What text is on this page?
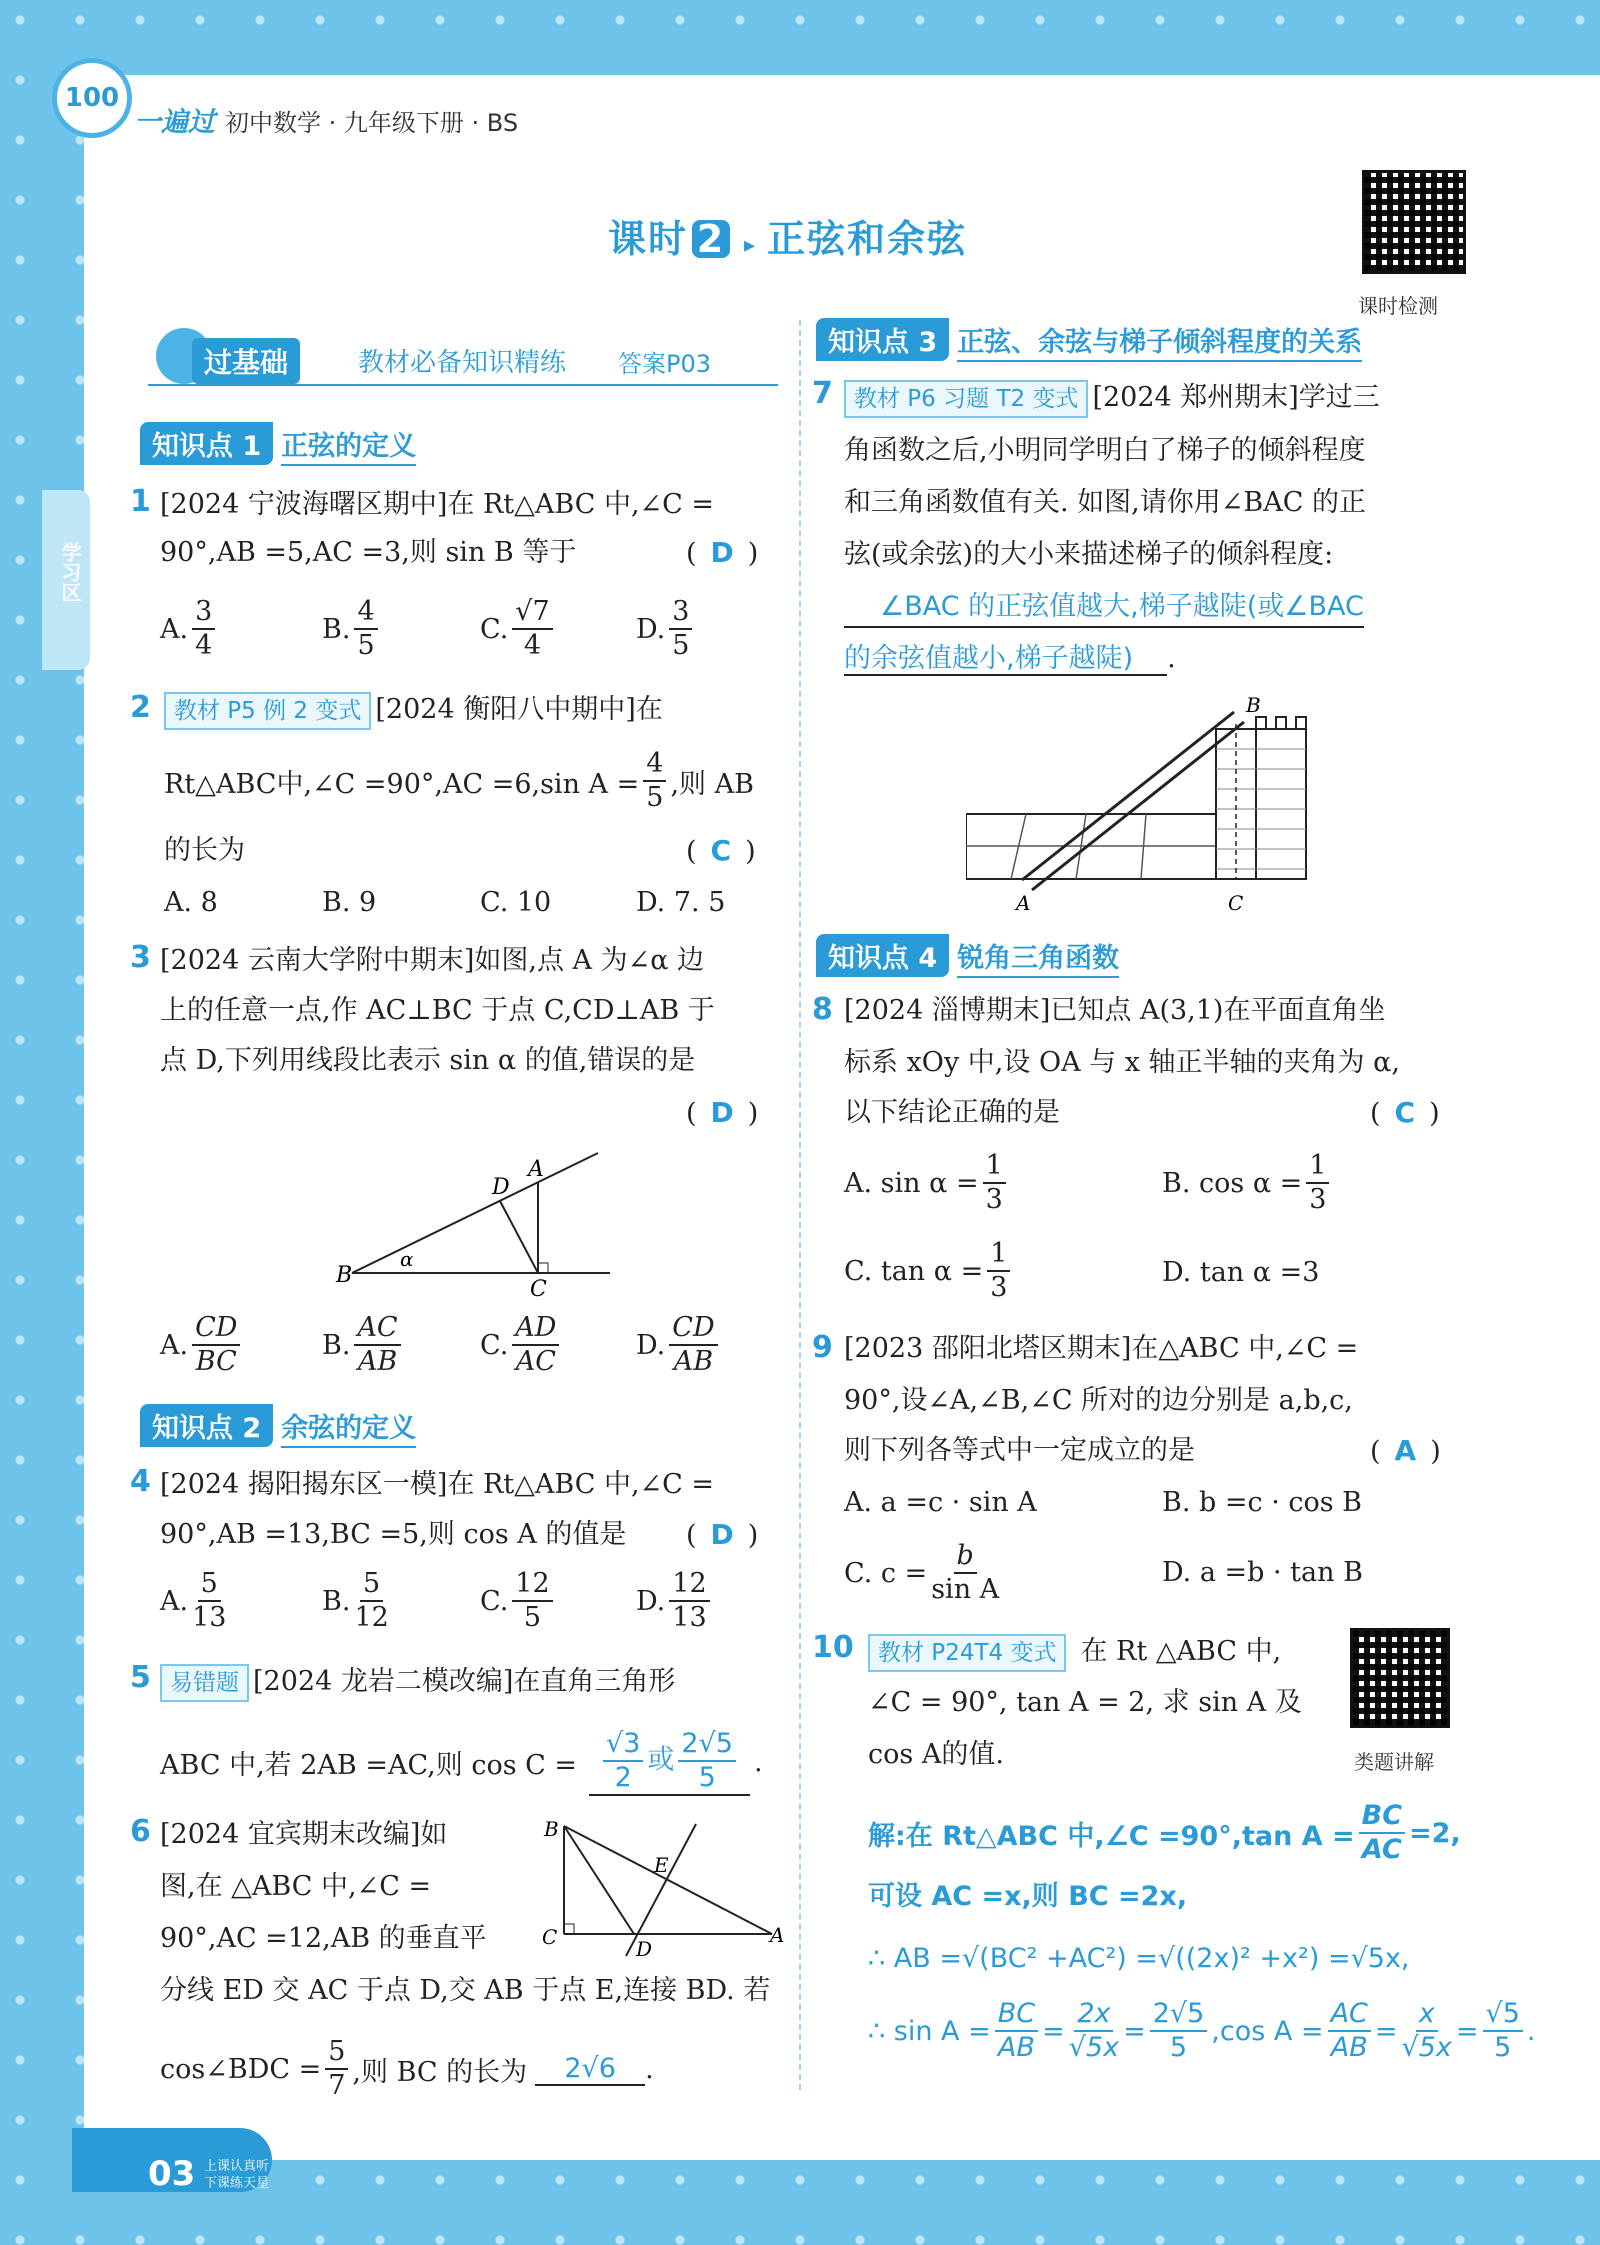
100
一遍过 初中数学 · 九年级下册 · BS
课时 2 ▸ 正弦和余弦
课时检测
学习区
过基础	教材必备知识精练 答案P03
知识点 1 正弦的定义
1 [2024 宁波海曙区期中]在 Rt△ABC 中,∠C =
90°,AB =5,AC =3,则 sin B 等于	( D )
A. $\frac{3}{4}$	B. $\frac{4}{5}$	C. $\frac{√7}{4}$	D. $\frac{3}{5}$
2	教材 P5 例 2 变式 [2024 衡阳八中期中]在
Rt△ABC中,∠C =90°,AC =6,sin $A = \frac{4}{5}$ ,则 AB
的长为	( C )
A. 8	B. 9	C. 10	D. 7. 5
3 [2024 云南大学附中期末]如图,点 A 为∠α 边
上的任意一点,作 AC⊥BC 于点 C,CD⊥AB 于
点 D,下列用线段比表示 sin α 的值,错误的是
( D )
B
C
A
D
α
A. $\frac{CD}{BC}$	B. $\frac{AC}{AB}$	C. $\frac{AD}{AC}$	D. $\frac{CD}{AB}$
知识点 2 余弦的定义
4 [2024 揭阳揭东区一模]在 Rt△ABC 中,∠C =
90°,AB =13,BC =5,则 cos A 的值是 ( D )
A. $\frac{5}{13}$	B. $\frac{5}{12}$	C. $\frac{12}{5}$	D. $\frac{12}{13}$
5 易错题 [2024 龙岩二模改编]在直角三角形
ABC 中,若 2AB =AC,则 $\cos C = \frac{√3}{2}$ 或 $\frac{2√5}{5}$ .
6 [2024 宜宾期末改编]如
图,在 △ABC 中,∠C =
90°,AC =12,AB 的垂直平
分线 ED 交 AC 于点 D,交 AB 于点 E,连接 BD. 若
B
C	D
E
A
cos∠BDC = $\frac{5}{7}$ ,则 BC 的长为	2√6	.
知识点 3 正弦、余弦与梯子倾斜程度的关系
7 教材 P6 习题 T2 变式 [2024 郑州期末]学过三
角函数之后,小明同学明白了梯子的倾斜程度
和三角函数值有关. 如图,请你用∠BAC 的正
弦(或余弦)的大小来描述梯子的倾斜程度:
∠BAC 的正弦值越大,梯子越陡(或∠BAC
的余弦值越小,梯子越陡) .
A	C
B
知识点 4 锐角三角函数
8 [2024 淄博期末]已知点 A(3,1)在平面直角坐
标系 xOy 中,设 OA 与 x 轴正半轴的夹角为 α,
以下结论正确的是	( C )
A. $\sin \alpha = \frac{1}{3}$	B. $\cos \alpha = \frac{1}{3}$
C. $\tan \alpha = \frac{1}{3}$	D. tan α =3
9 [2023 邵阳北塔区期末]在△ABC 中,∠C =
90°,设∠A,∠B,∠C 所对的边分别是 a,b,c,
则下列各等式中一定成立的是	( A )
A. a =c · sin A	B. b =c · cos B
C. $c = \frac{b}{\text{sin A}}$	D. a =b · tan B
10	教材 P24T4 变式 在 Rt △ABC 中,
∠C = 90°, tan A = 2, 求 sin A 及
cos A的值.	类题讲解
解:在 Rt△ABC 中,∠C =90°,tan $A = \frac{BC}{AC} =2$,
可设 AC =x,则 BC =2x,
∴ AB =√(BC² +AC²) =√((2x)² +x²) =√5x,
∴ $\sin A = \frac{BC}{AB} = \frac{2x}{√5x} = \frac{2√5}{5} ,\cos$ $A = \frac{AC}{AB} = \frac{x}{√5x} = \frac{√5}{5}$ .
03 上课认真听
下课练天星
